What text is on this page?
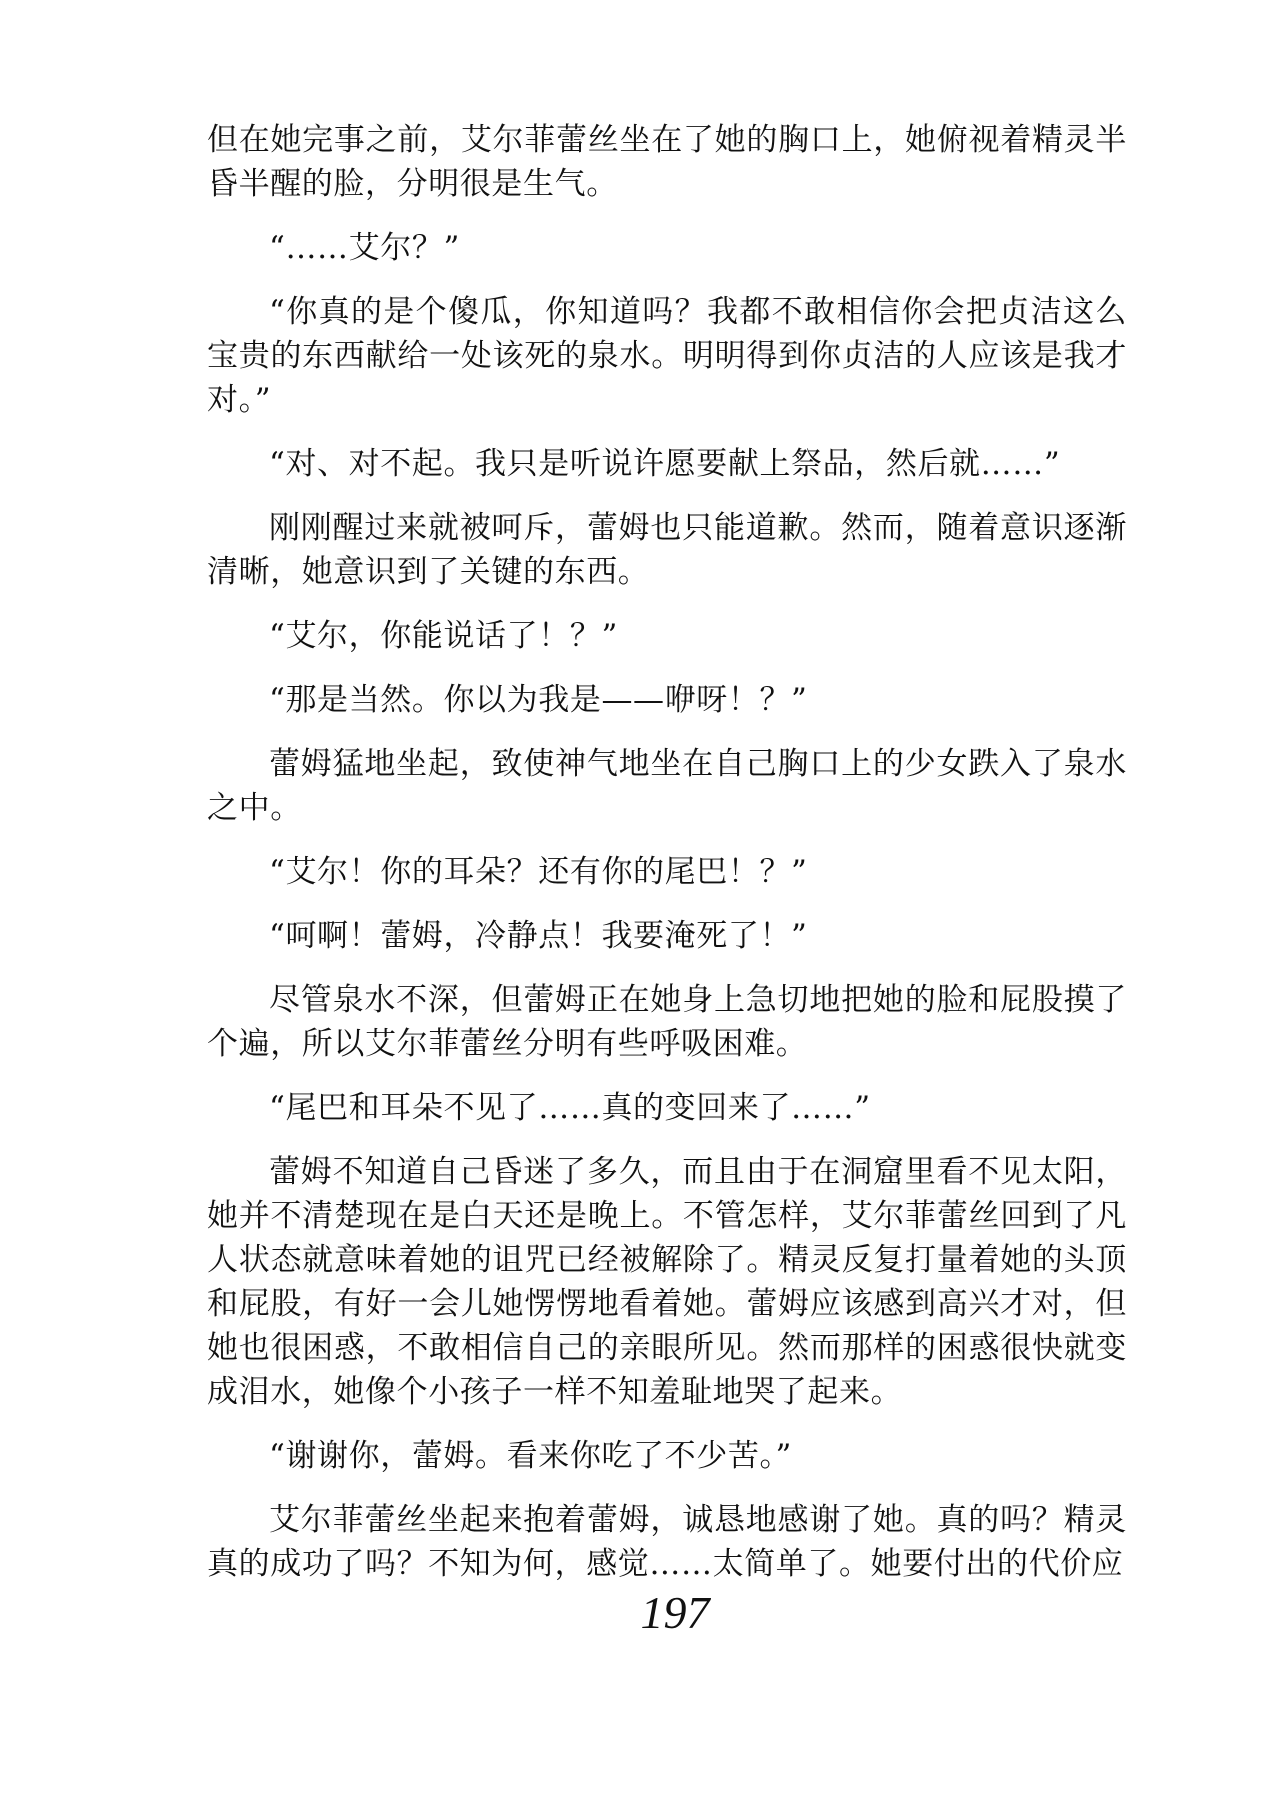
但在她完事之前，艾尔菲蕾丝坐在了她的胸口上，她俯视着精灵半昏半醒的脸，分明很是生气。

“……艾尔？”

“你真的是个傻瓜，你知道吗？我都不敢相信你会把贞洁这么宝贵的东西献给一处该死的泉水。明明得到你贞洁的人应该是我才对。”

“对、对不起。我只是听说许愿要献上祭品，然后就……”

刚刚醒过来就被呵斥，蕾姆也只能道歉。然而，随着意识逐渐清晰，她意识到了关键的东西。

“艾尔，你能说话了！？”

“那是当然。你以为我是——咿呀！？”

蕾姆猛地坐起，致使神气地坐在自己胸口上的少女跌入了泉水之中。

“艾尔！你的耳朵？还有你的尾巴！？”

“呵啊！蕾姆，冷静点！我要淹死了！”

尽管泉水不深，但蕾姆正在她身上急切地把她的脸和屁股摸了个遍，所以艾尔菲蕾丝分明有些呼吸困难。

“尾巴和耳朵不见了……真的变回来了……”

蕾姆不知道自己昏迷了多久，而且由于在洞窟里看不见太阳，她并不清楚现在是白天还是晚上。不管怎样，艾尔菲蕾丝回到了凡人状态就意味着她的诅咒已经被解除了。精灵反复打量着她的头顶和屁股，有好一会儿她愣愣地看着她。蕾姆应该感到高兴才对，但她也很困惑，不敢相信自己的亲眼所见。然而那样的困惑很快就变成泪水，她像个小孩子一样不知羞耻地哭了起来。

“谢谢你，蕾姆。看来你吃了不少苦。”

艾尔菲蕾丝坐起来抱着蕾姆，诚恳地感谢了她。真的吗？精灵真的成功了吗？不知为何，感觉……太简单了。她要付出的代价应

197
